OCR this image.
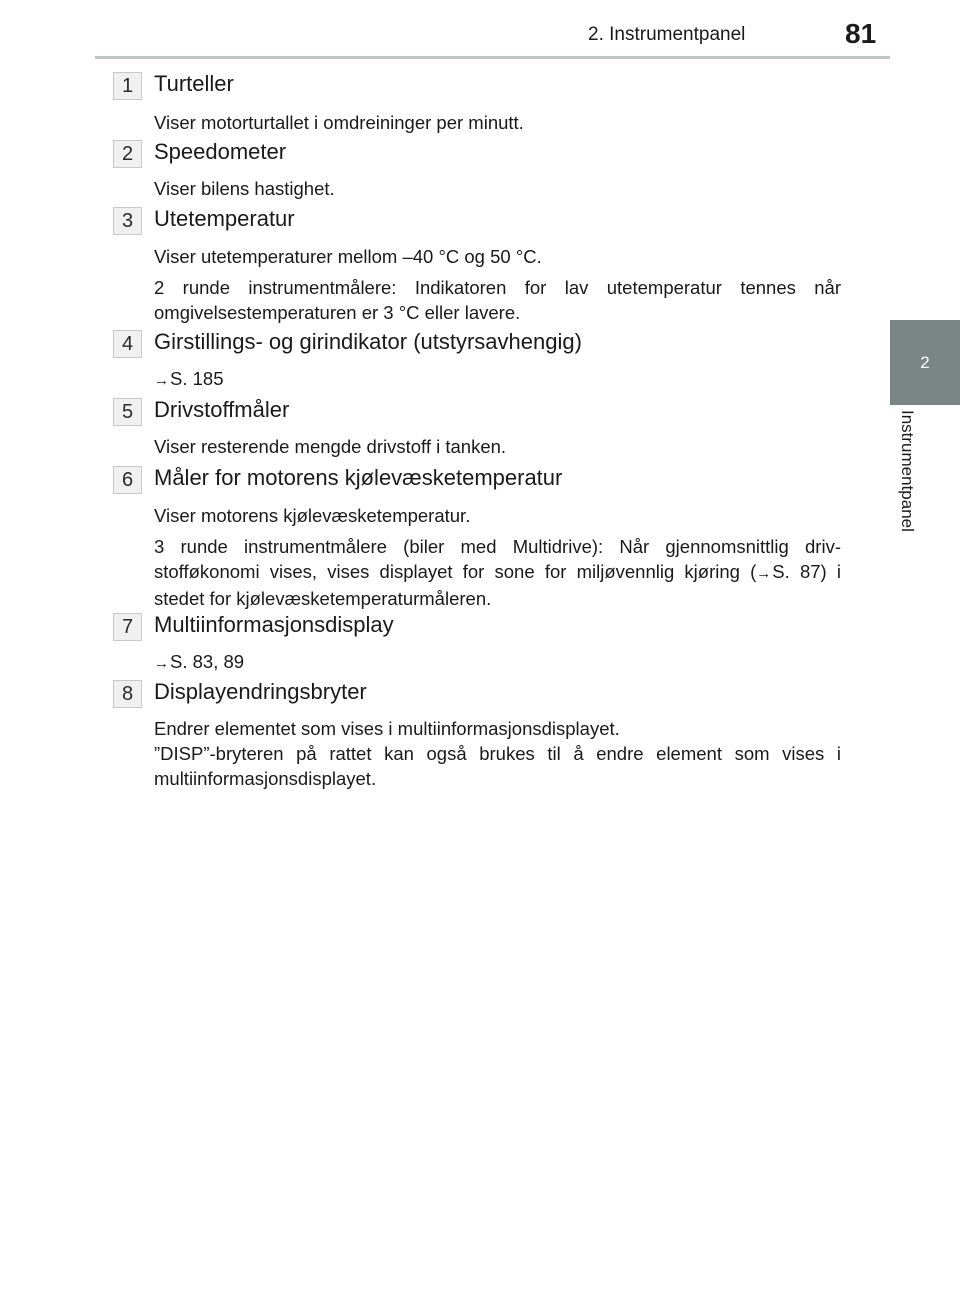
2. Instrumentpanel	81
2
Instrumentpanel
1 Turteller
Viser motorturtallet i omdreininger per minutt.
2 Speedometer
Viser bilens hastighet.
3 Utetemperatur
Viser utetemperaturer mellom –40 °C og 50 °C.
2 runde instrumentmålere: Indikatoren for lav utetemperatur tennes når omgivelsestemperaturen er 3 °C eller lavere.
4 Girstillings- og girindikator (utstyrsavhengig)
→S. 185
5 Drivstoffmåler
Viser resterende mengde drivstoff i tanken.
6 Måler for motorens kjølevæsketemperatur
Viser motorens kjølevæsketemperatur.
3 runde instrumentmålere (biler med Multidrive): Når gjennomsnittlig drivstofføkonomi vises, vises displayet for sone for miljøvennlig kjøring (→S. 87) i stedet for kjølevæsketemperaturmåleren.
7 Multiinformasjonsdisplay
→S. 83, 89
8 Displayendringsbryter
Endrer elementet som vises i multiinformasjonsdisplayet.
”DISP”-bryteren på rattet kan også brukes til å endre element som vises i multiinformasjonsdisplayet.
